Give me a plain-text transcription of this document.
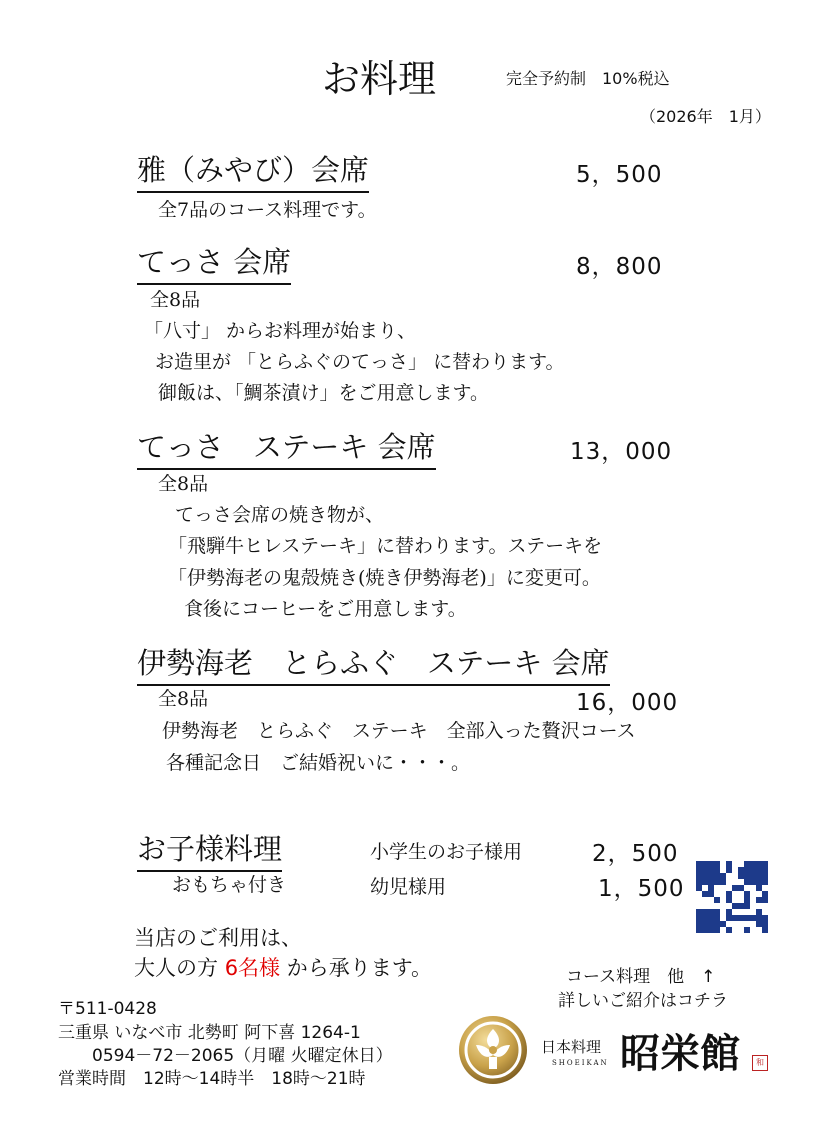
お料理	完全予約制　10%税込
（2026年　1月）
雅（みやび）会席	5，500
全7品のコース料理です。
てっさ 会席	8，800
全8品
「八寸」 からお料理が始まり、
お造里が 「とらふぐのてっさ」 に替わります。
御飯は、「鯛茶漬け」をご用意します。
てっさ　ステーキ 会席	13，000
全8品
てっさ会席の焼き物が、
「飛騨牛ヒレステーキ」に替わります。ステーキを
「伊勢海老の鬼殻焼き(焼き伊勢海老)」に変更可。
食後にコーヒーをご用意します。
伊勢海老　とらふぐ　ステーキ 会席
全8品	16，000
伊勢海老　とらふぐ　ステーキ　全部入った贅沢コース
各種記念日　ご結婚祝いに・・・。
お子様料理
おもちゃ付き
小学生のお子様用	2，500
幼児様用	1，500
当店のご利用は、
大人の方 6名様 から承ります。	コース料理　他　↑
詳しいご紹介はコチラ
〒511-0428
三重県 いなべ市 北勢町 阿下喜 1264-1
0594－72－2065（月曜 火曜定休日）
営業時間　12時～14時半　18時～21時
日本料理
SHOEIKAN 昭栄館	和
